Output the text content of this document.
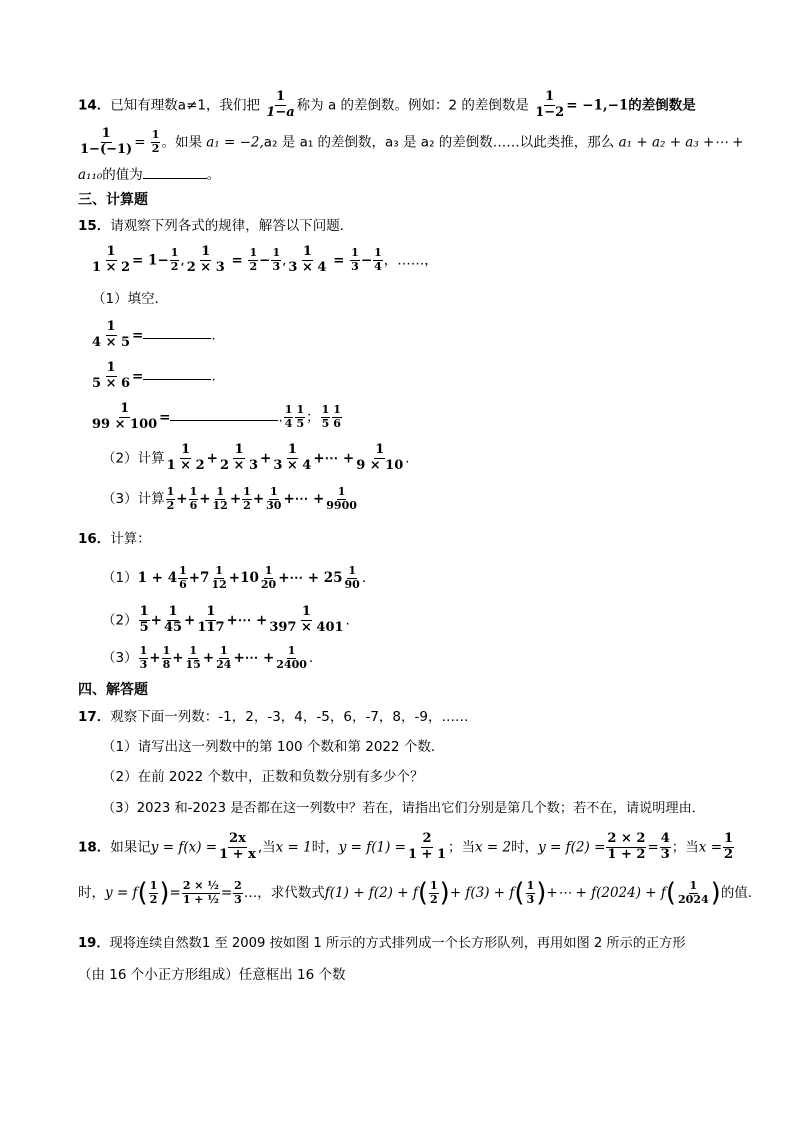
14．已知有理数a≠1，我们把 $\frac{1}{1-a}$ 称为 a 的差倒数。例如：2 的差倒数是 $\frac{1}{1-2} = -1,-1$的差倒数是
$\frac{1}{1-(-1)} = \frac{1}{2}$ 。如果 a₁ = −2,a₂ 是 a₁ 的差倒数，a₃ 是 a₂ 的差倒数……以此类推，那么 a₁ + a₂ + a₃ +⋯ +
a₁₁₀的值为	。
三、计算题
15．请观察下列各式的规律，解答以下问题．
$\frac{1}{1 \times 2} = 1- \frac{1}{2}$ , $\frac{1}{2 \times 3} = \frac{1}{2} - \frac{1}{3}$ , $\frac{1}{3 \times 4} = \frac{1}{3} - \frac{1}{4}$ ，……，
（1）填空．
$\frac{1}{4 \times 5}$ =	.
$\frac{1}{5 \times 6}$ =	.
$\frac{1}{99 \times 100}$ =	. $\frac{1}{4} \frac{1}{5}$ ； $\frac{1}{5} \frac{1}{6}$
（2）计算 $\frac{1}{1 \times 2} + \frac{1}{2 \times 3} + \frac{1}{3 \times 4}$ +⋯ + $\frac{1}{9 \times 10}$ .
（3）计算 $\frac{1}{2} + \frac{1}{6} + \frac{1}{12} + \frac{1}{2} + \frac{1}{30}$ +⋯ + $\frac{1}{9900}$
16．计算：
$(1)1 + 4 \frac{1}{6} +7 \frac{1}{12} +10 \frac{1}{20}$ +⋯ + $25 \frac{1}{90}$ .
$(2) \frac{1}{5} + \frac{1}{45} + \frac{1}{117}$ +⋯ + $\frac{1}{397 \times 401}$ .
$(3) \frac{1}{3} + \frac{1}{8} + \frac{1}{15} + \frac{1}{24}$ +⋯ + $\frac{1}{2400}$ .
四、解答题
17．观察下面一列数：-1，2，-3，4，-5，6，-7，8，-9，……
（1）请写出这一列数中的第 100 个数和第 2022 个数．
（2）在前 2022 个数中，正数和负数分别有多少个？
（3）2023 和-2023 是否都在这一列数中？若在，请指出它们分别是第几个数；若不在，请说明理由．
18．如果记$y = f(x) = \frac{2x}{1 + x}$ ,当x = 1时，$y = f(1) = \frac{2}{1 + 1}$ ；当x = 2时，$y = f(2) = \frac{2 \times 2}{1 + 2} = \frac{4}{3}$ ；当$x = \frac{1}{2}$
时，$y = f( \frac{1}{2}$ )= $\frac{\text{2 × ½}}{\text{1 + ½}} = \frac{2}{3}$ …，求代数式$f(1) + f(2) + f( \frac{1}{2}$ )+ $f(3) + f( \frac{1}{3}$ )+⋯ + $f(2024) + f( \frac{1}{2024}$ )的值.
19．现将连续自然数1 至 2009 按如图 1 所示的方式排列成一个长方形队列，再用如图 2 所示的正方形
（由 16 个小正方形组成）任意框出 16 个数
